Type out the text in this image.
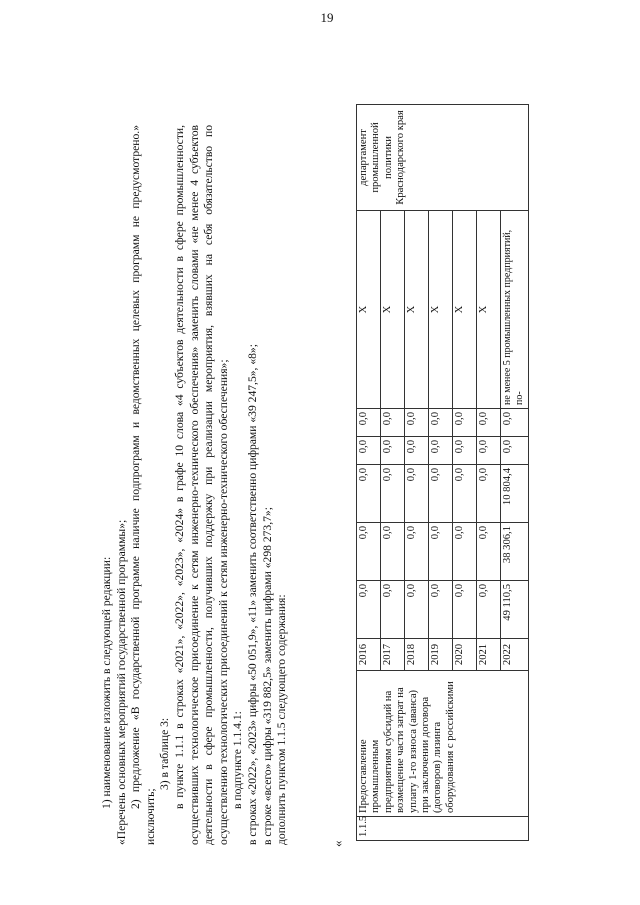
19

1) наименование изложить в следующей редакции: «Перечень основных мероприятий государственной программы»; 2) предложение «В государственной программе наличие подпрограмм и ведомственных целевых программ не предусмотрено.» исключить;

3) в таблице 3: в пункте 1.1.1 в строках «2021», «2022», «2023», «2024» в графе 10 слова «4 субъектов деятельности в сфере промышленности, осуществивших технологическое присоединение к сетям инженерно-технического обеспечения» заменить словами «не менее 4 субъектов деятельности в сфере промышленности, получивших поддержку при реализации мероприятия, взявших на себя обязательство по осуществлению технологических присоединений к сетям инженерно-технического обеспечения»; в подпункте 1.1.4.1: в строках «2022», «2023» цифры «50 051,9», «11» заменить соответственно цифрами «39 247,5», «8»; в строке «всего» цифры «319 882,5» заменить цифрами «298 273,7»; дополнить пунктом 1.1.5 следующего содержания:	«
1.1.5	Предоставление промышленным предприятиям субсидий на возмещение части затрат на уплату 1-го взноса (аванса) при заключении договора (договоров) лизинга оборудования с российскими	2016	0,0	0,0	0,0	0,0	0,0	X	департамент промышленной политики Краснодарского края
		2017	0,0	0,0	0,0	0,0	0,0	X	
		2018	0,0	0,0	0,0	0,0	0,0	X	
		2019	0,0	0,0	0,0	0,0	0,0	X	
		2020	0,0	0,0	0,0	0,0	0,0	X	
		2021	0,0	0,0	0,0	0,0	0,0	X	
		2022	49 110,5	38 306,1	10 804,4	0,0	0,0	не менее 5 промышленных предприятий, по-	
